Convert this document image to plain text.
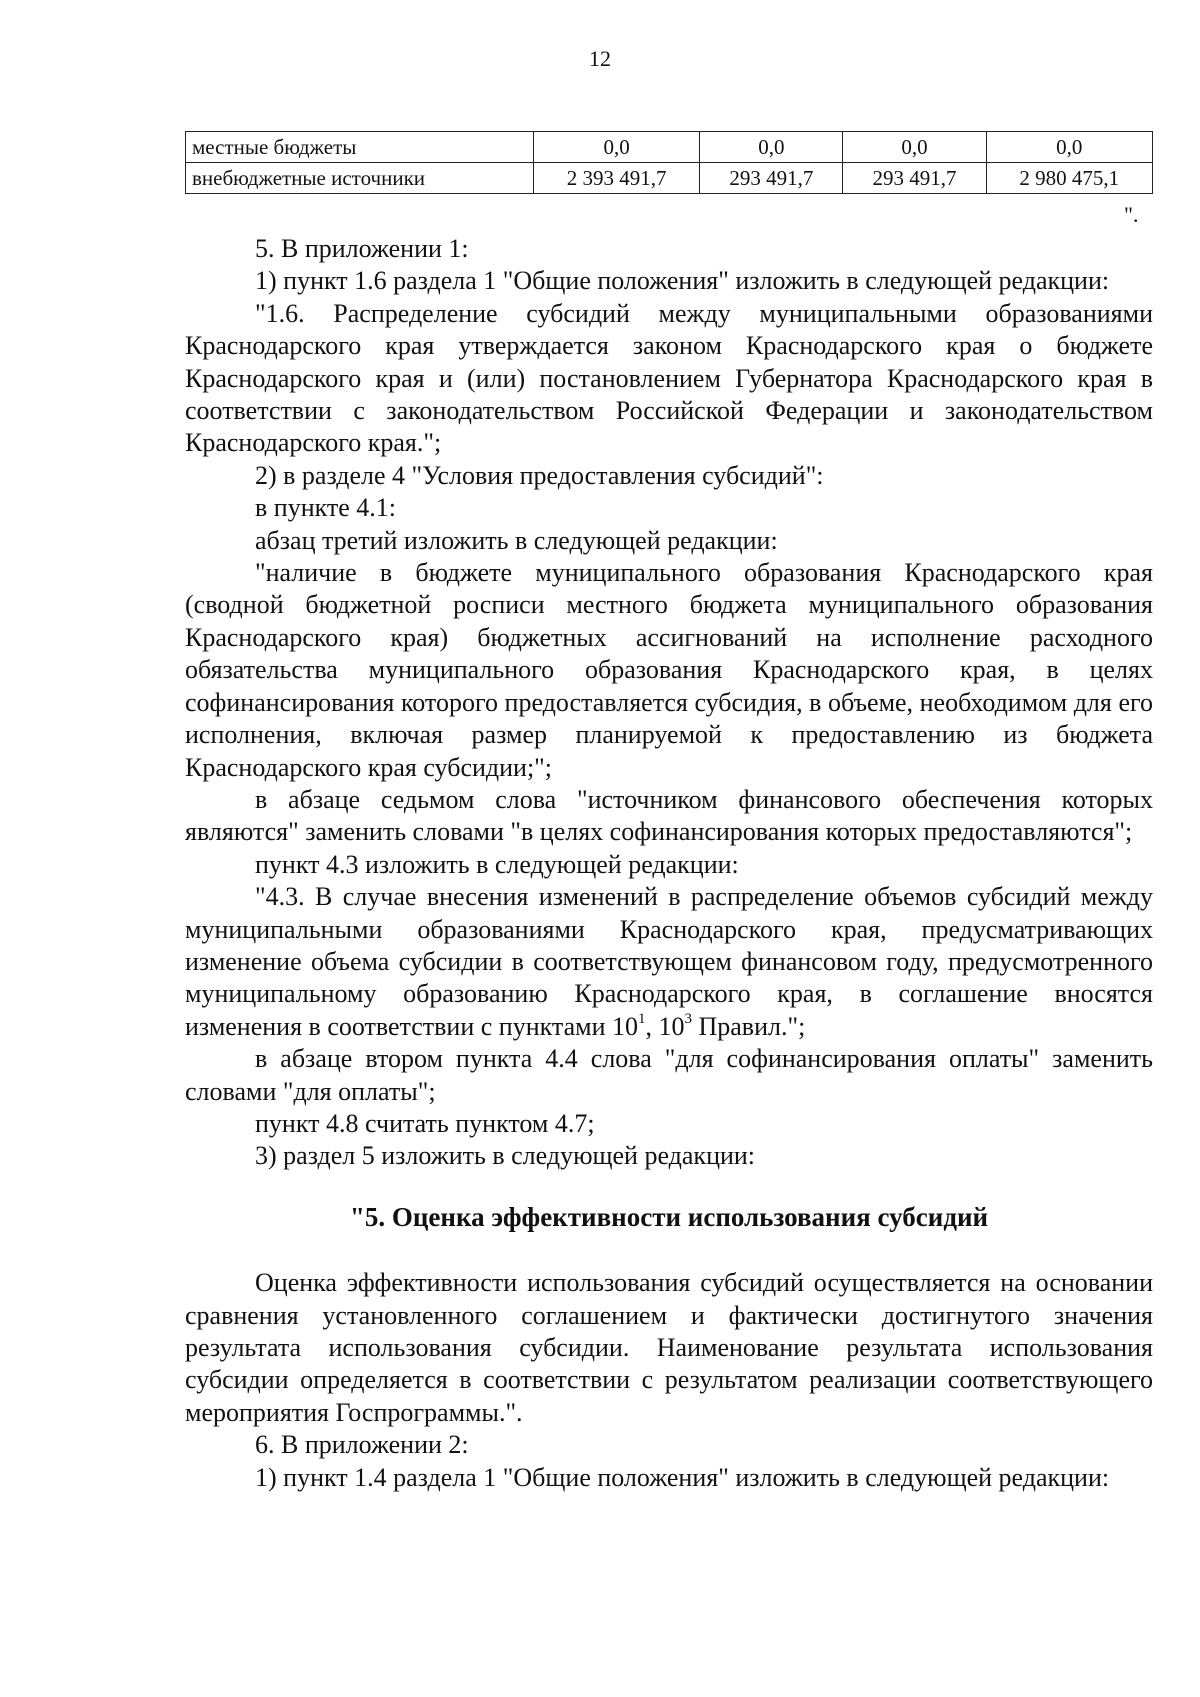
12
местные бюджеты	0,0	0,0	0,0	0,0
внебюджетные источники	2 393 491,7	293 491,7	293 491,7	2 980 475,1
".

5. В приложении 1:

1) пункт 1.6 раздела 1 "Общие положения" изложить в следующей редакции:

"1.6. Распределение субсидий между муниципальными образованиями Краснодарского края утверждается законом Краснодарского края о бюджете Краснодарского края и (или) постановлением Губернатора Краснодарского края в соответствии с законодательством Российской Федерации и законодательством Краснодарского края.";

2) в разделе 4 "Условия предоставления субсидий":

в пункте 4.1:

абзац третий изложить в следующей редакции:

"наличие в бюджете муниципального образования Краснодарского края (сводной бюджетной росписи местного бюджета муниципального образования Краснодарского края) бюджетных ассигнований на исполнение расходного обязательства муниципального образования Краснодарского края, в целях софинансирования которого предоставляется субсидия, в объеме, необходимом для его исполнения, включая размер планируемой к предоставлению из бюджета Краснодарского края субсидии;";

в абзаце седьмом слова "источником финансового обеспечения которых являются" заменить словами "в целях софинансирования которых предоставляются";

пункт 4.3 изложить в следующей редакции:

"4.3. В случае внесения изменений в распределение объемов субсидий между муниципальными образованиями Краснодарского края, предусматривающих изменение объема субсидии в соответствующем финансовом году, предусмотренного муниципальному образованию Краснодарского края, в соглашение вносятся изменения в соответствии с пунктами $10^1$, $10^3$ Правил.";

в абзаце втором пункта 4.4 слова "для софинансирования оплаты" заменить словами "для оплаты";

пункт 4.8 считать пунктом 4.7;

3) раздел 5 изложить в следующей редакции:

"5. Оценка эффективности использования субсидий

Оценка эффективности использования субсидий осуществляется на основании сравнения установленного соглашением и фактически достигнутого значения результата использования субсидии. Наименование результата использования субсидии определяется в соответствии с результатом реализации соответствующего мероприятия Госпрограммы.".

6. В приложении 2:

1) пункт 1.4 раздела 1 "Общие положения" изложить в следующей редакции:
